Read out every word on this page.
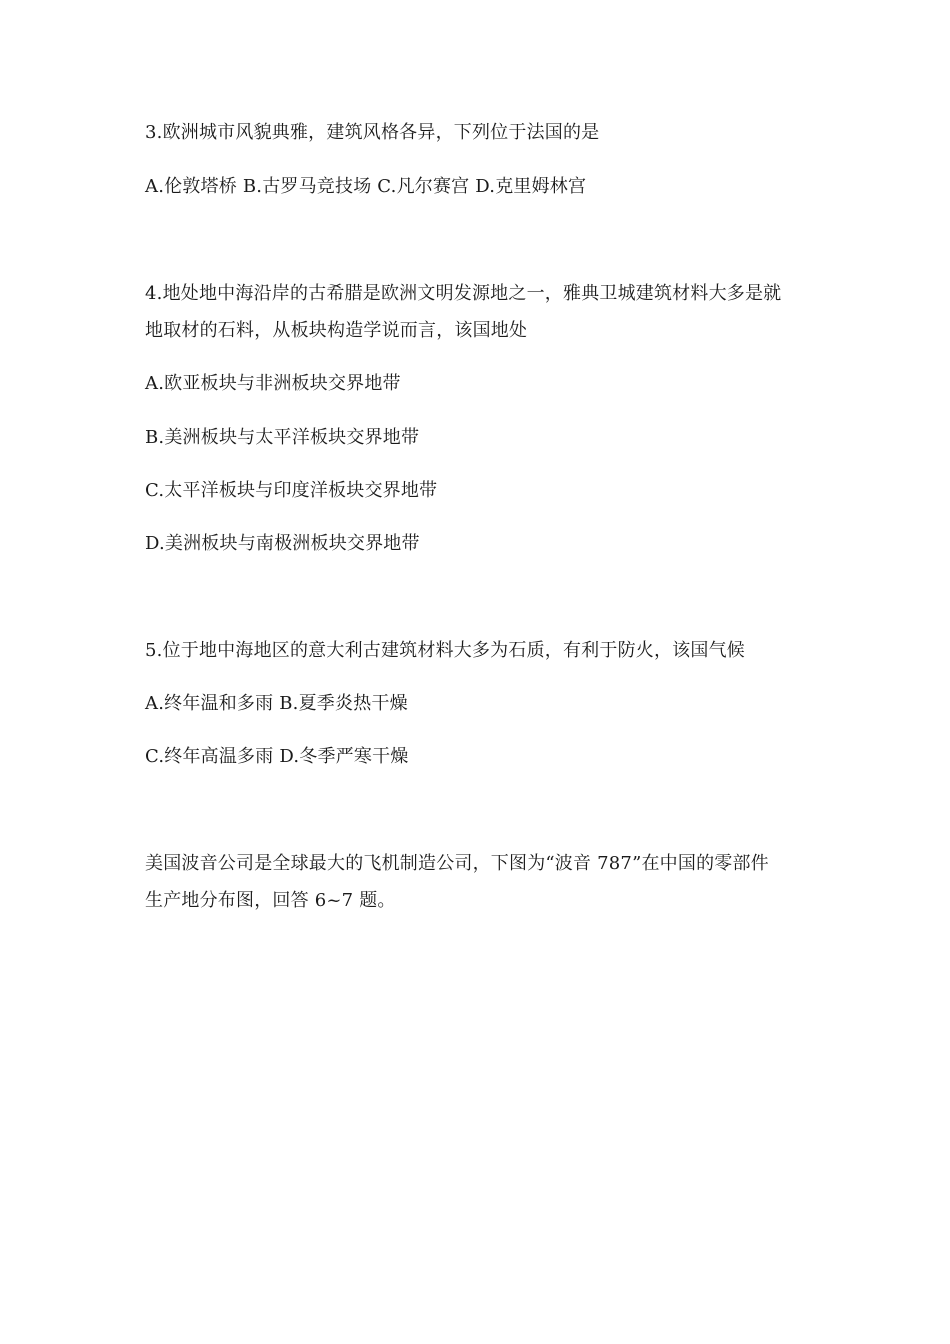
3.欧洲城市风貌典雅，建筑风格各异，下列位于法国的是
A.伦敦塔桥 B.古罗马竞技场 C.凡尔赛宫 D.克里姆林宫
4.地处地中海沿岸的古希腊是欧洲文明发源地之一，雅典卫城建筑材料大多是就
地取材的石料，从板块构造学说而言，该国地处
A.欧亚板块与非洲板块交界地带
B.美洲板块与太平洋板块交界地带
C.太平洋板块与印度洋板块交界地带
D.美洲板块与南极洲板块交界地带
5.位于地中海地区的意大利古建筑材料大多为石质，有利于防火，该国气候
A.终年温和多雨 B.夏季炎热干燥
C.终年高温多雨 D.冬季严寒干燥
美国波音公司是全球最大的飞机制造公司，下图为“波音 787”在中国的零部件
生产地分布图，回答 6~7 题。
